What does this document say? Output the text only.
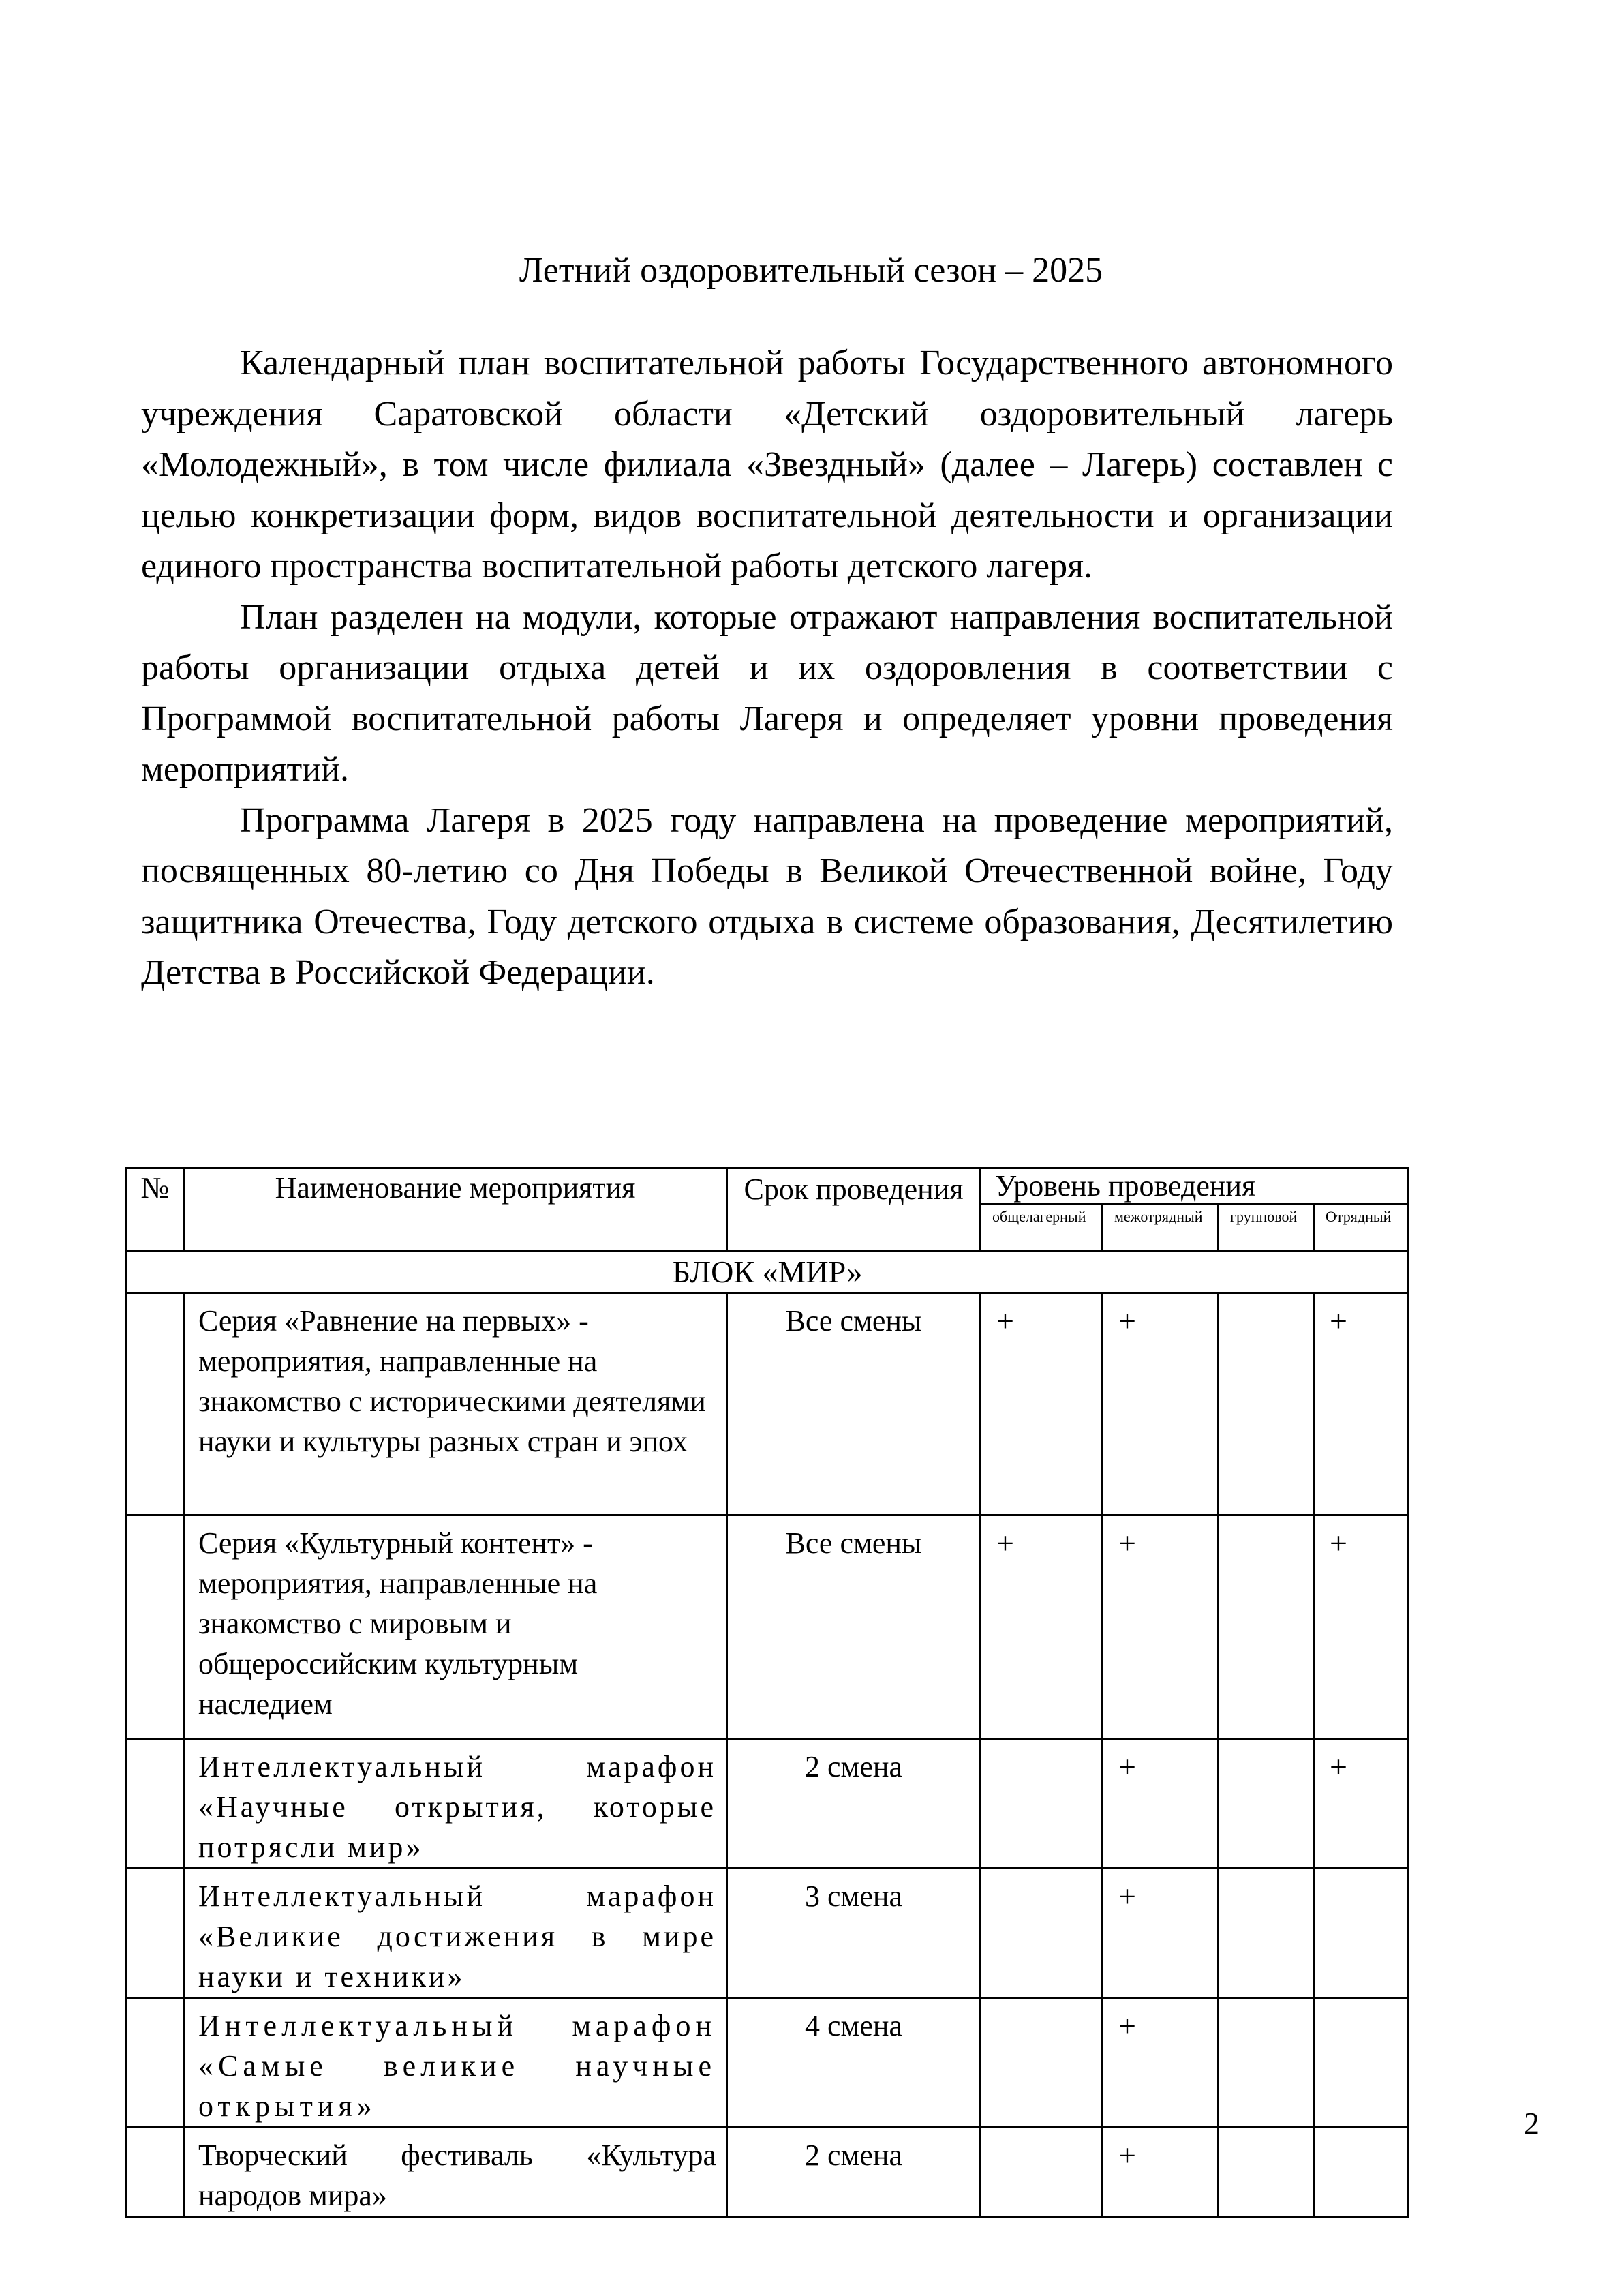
Летний оздоровительный сезон – 2025

Календарный план воспитательной работы Государственного автономного учреждения Саратовской области «Детский оздоровительный лагерь «Молодежный», в том числе филиала «Звездный» (далее – Лагерь) составлен с целью конкретизации форм, видов воспитательной деятельности и организации единого пространства воспитательной работы детского лагеря.

План разделен на модули, которые отражают направления воспитательной работы организации отдыха детей и их оздоровления в соответствии с Программой воспитательной работы Лагеря и определяет уровни проведения мероприятий.

Программа Лагеря в 2025 году направлена на проведение мероприятий, посвященных 80-летию со Дня Победы в Великой Отечественной войне, Году защитника Отечества, Году детского отдыха в системе образования, Десятилетию Детства в Российской Федерации.

№	Наименование мероприятия	Срок проведения	Уровень проведения			
			общелагерный	межотрядный	групповой	Отрядный
БЛОК «МИР»						
	Серия «Равнение на первых» - мероприятия, направленные на знакомство с историческими деятелями науки и культуры разных стран и эпох	Все смены	+	+		+
	Серия «Культурный контент» - мероприятия, направленные на знакомство с мировым и общероссийским культурным наследием	Все смены	+	+		+
	Интеллектуальный марафон «Научные открытия, которые потрясли мир»	2 смена		+		+
	Интеллектуальный марафон «Великие достижения в мире науки и техники»	3 смена		+		
	Интеллектуальный марафон «Самые великие научные открытия»	4 смена		+		
	Творческий фестиваль «Культура народов мира»	2 смена		+		
2
